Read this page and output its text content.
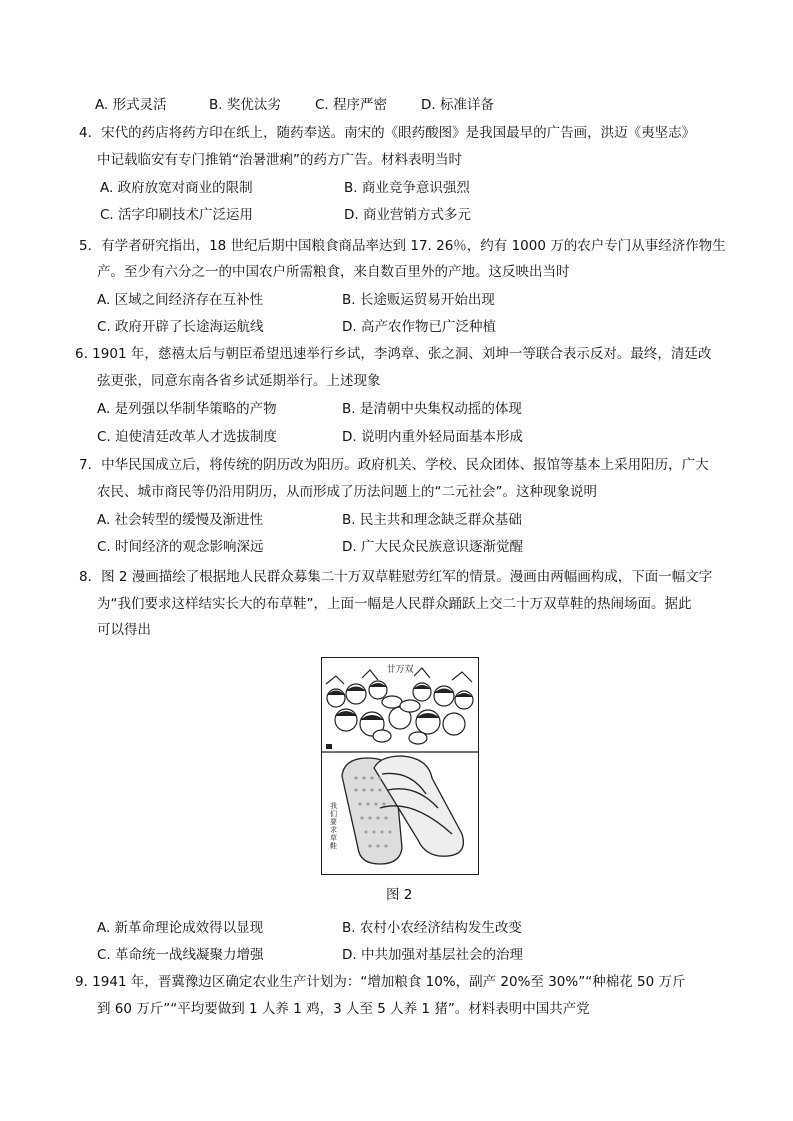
A. 形式灵活	B. 奖优汰劣	C. 程序严密	D. 标准详备
4．宋代的药店将药方印在纸上，随药奉送。南宋的《眼药酸图》是我国最早的广告画，洪迈《夷坚志》
中记载临安有专门推销“治暑泄痢”的药方广告。材料表明当时
A. 政府放宽对商业的限制	B. 商业竞争意识强烈
C. 活字印刷技术广泛运用	D. 商业营销方式多元
5．有学者研究指出，18 世纪后期中国粮食商品率达到 17. 26％，约有 1000 万的农户专门从事经济作物生
产。至少有六分之一的中国农户所需粮食，来自数百里外的产地。这反映出当时
A. 区域之间经济存在互补性	B. 长途贩运贸易开始出现
C. 政府开辟了长途海运航线	D. 高产农作物已广泛种植
6. 1901 年，慈禧太后与朝臣希望迅速举行乡试，李鸿章、张之洞、刘坤一等联合表示反对。最终，清廷改
弦更张，同意东南各省乡试延期举行。上述现象
A. 是列强以华制华策略的产物	B. 是清朝中央集权动摇的体现
C. 迫使清廷改革人才选拔制度	D. 说明内重外轻局面基本形成
7．中华民国成立后，将传统的阴历改为阳历。政府机关、学校、民众团体、报馆等基本上采用阳历，广大
农民、城市商民等仍沿用阴历，从而形成了历法问题上的“二元社会”。这种现象说明
A. 社会转型的缓慢及渐进性	B. 民主共和理念缺乏群众基础
C. 时间经济的观念影响深远	D. 广大民众民族意识逐渐觉醒
8．图 2 漫画描绘了根据地人民群众募集二十万双草鞋慰劳红军的情景。漫画由两幅画构成，下面一幅文字
为“我们要求这样结实长大的布草鞋”，上面一幅是人民群众踊跃上交二十万双草鞋的热闹场面。据此
可以得出
廿万双
我
们
要
求
草
鞋
图 2
A. 新革命理论成效得以显现	B. 农村小农经济结构发生改变
C. 革命统一战线凝聚力增强	D. 中共加强对基层社会的治理
9. 1941 年，晋冀豫边区确定农业生产计划为：“增加粮食 10%，副产 20%至 30%”“种棉花 50 万斤
到 60 万斤”“平均要做到 1 人养 1 鸡，3 人至 5 人养 1 猪”。材料表明中国共产党
